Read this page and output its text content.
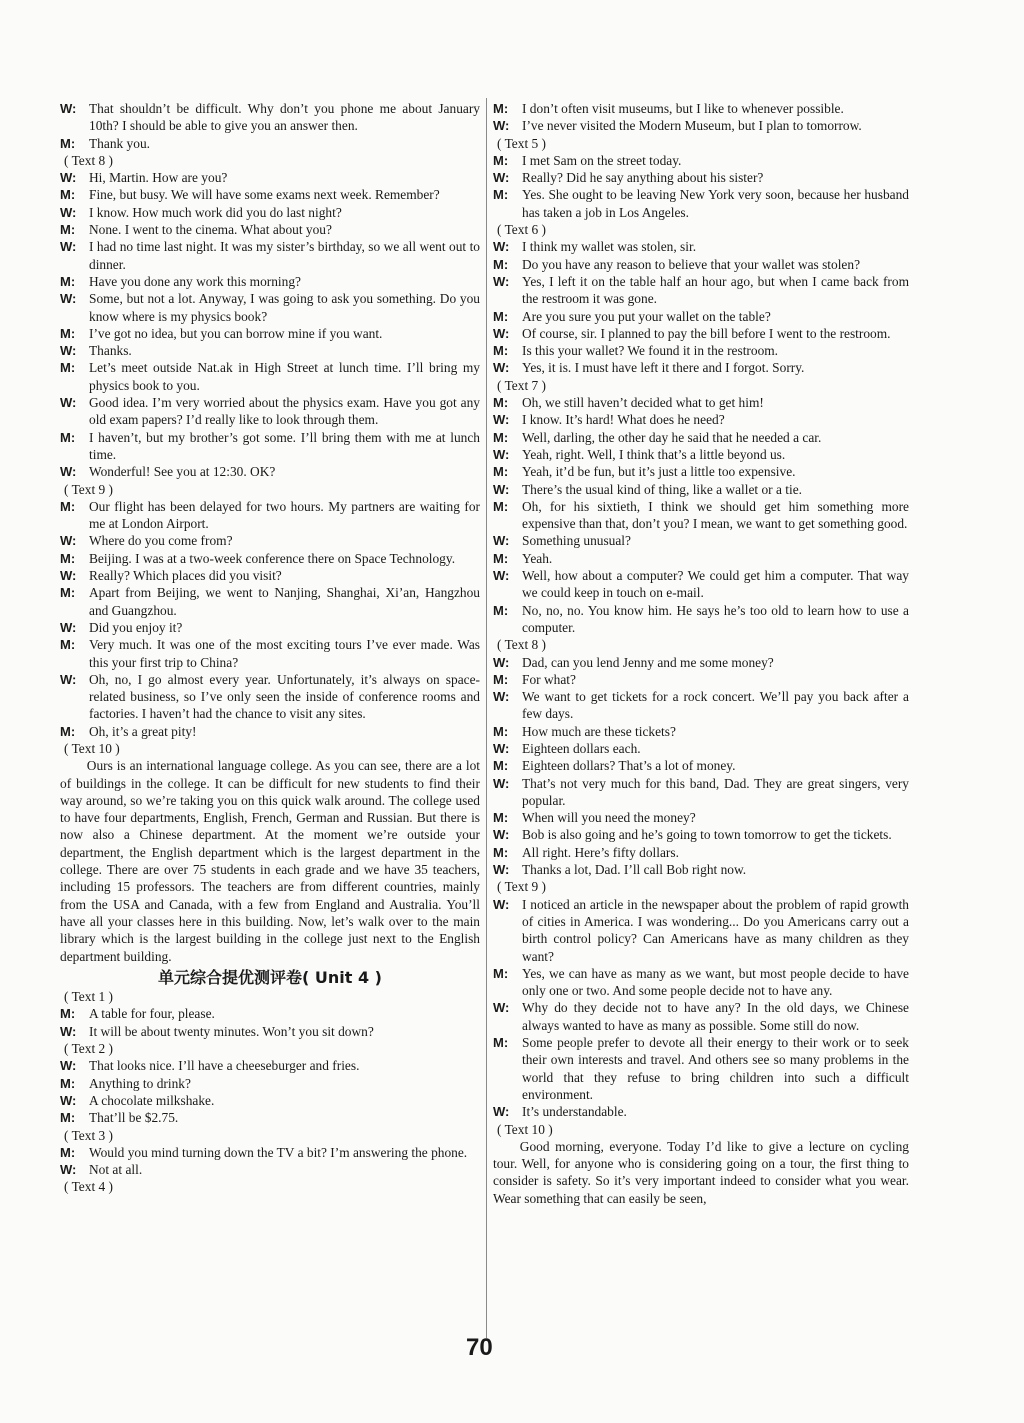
W: That shouldn’t be difficult. Why don’t you phone me about January 10th? I should be able to give you an answer then.
M: Thank you.
( Text 8 )
W: Hi, Martin. How are you?
M: Fine, but busy. We will have some exams next week. Remember?
W: I know. How much work did you do last night?
M: None. I went to the cinema. What about you?
W: I had no time last night. It was my sister’s birthday, so we all went out to dinner.
M: Have you done any work this morning?
W: Some, but not a lot. Anyway, I was going to ask you something. Do you know where is my physics book?
M: I’ve got no idea, but you can borrow mine if you want.
W: Thanks.
M: Let’s meet outside Nat.ak in High Street at lunch time. I’ll bring my physics book to you.
W: Good idea. I’m very worried about the physics exam. Have you got any old exam papers? I’d really like to look through them.
M: I haven’t, but my brother’s got some. I’ll bring them with me at lunch time.
W: Wonderful! See you at 12:30. OK?
( Text 9 )
M: Our flight has been delayed for two hours. My partners are waiting for me at London Airport.
W: Where do you come from?
M: Beijing. I was at a two-week conference there on Space Technology.
W: Really? Which places did you visit?
M: Apart from Beijing, we went to Nanjing, Shanghai, Xi’an, Hangzhou and Guangzhou.
W: Did you enjoy it?
M: Very much. It was one of the most exciting tours I’ve ever made. Was this your first trip to China?
W: Oh, no, I go almost every year. Unfortunately, it’s always on space-related business, so I’ve only seen the inside of conference rooms and factories. I haven’t had the chance to visit any sites.
M: Oh, it’s a great pity!
( Text 10 )
Ours is an international language college. As you can see, there are a lot of buildings in the college. It can be difficult for new students to find their way around, so we’re taking you on this quick walk around. The college used to have four departments, English, French, German and Russian. But there is now also a Chinese department. At the moment we’re outside your department, the English department which is the largest department in the college. There are over 75 students in each grade and we have 35 teachers, including 15 professors. The teachers are from different countries, mainly from the USA and Canada, with a few from England and Australia. You’ll have all your classes here in this building. Now, let’s walk over to the main library which is the largest building in the college just next to the English department building.
单元综合提优测评卷( Unit 4 )
( Text 1 )
M: A table for four, please.
W: It will be about twenty minutes. Won’t you sit down?
( Text 2 )
W: That looks nice. I’ll have a cheeseburger and fries.
M: Anything to drink?
W: A chocolate milkshake.
M: That’ll be $2.75.
( Text 3 )
M: Would you mind turning down the TV a bit? I’m answering the phone.
W: Not at all.
( Text 4 )
M: I don’t often visit museums, but I like to whenever possible.
W: I’ve never visited the Modern Museum, but I plan to tomorrow.
( Text 5 )
M: I met Sam on the street today.
W: Really? Did he say anything about his sister?
M: Yes. She ought to be leaving New York very soon, because her husband has taken a job in Los Angeles.
( Text 6 )
W: I think my wallet was stolen, sir.
M: Do you have any reason to believe that your wallet was stolen?
W: Yes, I left it on the table half an hour ago, but when I came back from the restroom it was gone.
M: Are you sure you put your wallet on the table?
W: Of course, sir. I planned to pay the bill before I went to the restroom.
M: Is this your wallet? We found it in the restroom.
W: Yes, it is. I must have left it there and I forgot. Sorry.
( Text 7 )
M: Oh, we still haven’t decided what to get him!
W: I know. It’s hard! What does he need?
M: Well, darling, the other day he said that he needed a car.
W: Yeah, right. Well, I think that’s a little beyond us.
M: Yeah, it’d be fun, but it’s just a little too expensive.
W: There’s the usual kind of thing, like a wallet or a tie.
M: Oh, for his sixtieth, I think we should get him something more expensive than that, don’t you? I mean, we want to get something good.
W: Something unusual?
M: Yeah.
W: Well, how about a computer? We could get him a computer. That way we could keep in touch on e-mail.
M: No, no, no. You know him. He says he’s too old to learn how to use a computer.
( Text 8 )
W: Dad, can you lend Jenny and me some money?
M: For what?
W: We want to get tickets for a rock concert. We’ll pay you back after a few days.
M: How much are these tickets?
W: Eighteen dollars each.
M: Eighteen dollars? That’s a lot of money.
W: That’s not very much for this band, Dad. They are great singers, very popular.
M: When will you need the money?
W: Bob is also going and he’s going to town tomorrow to get the tickets.
M: All right. Here’s fifty dollars.
W: Thanks a lot, Dad. I’ll call Bob right now.
( Text 9 )
W: I noticed an article in the newspaper about the problem of rapid growth of cities in America. I was wondering... Do you Americans carry out a birth control policy? Can Americans have as many children as they want?
M: Yes, we can have as many as we want, but most people decide to have only one or two. And some people decide not to have any.
W: Why do they decide not to have any? In the old days, we Chinese always wanted to have as many as possible. Some still do now.
M: Some people prefer to devote all their energy to their work or to seek their own interests and travel. And others see so many problems in the world that they refuse to bring children into such a difficult environment.
W: It’s understandable.
( Text 10 )
Good morning, everyone. Today I’d like to give a lecture on cycling tour. Well, for anyone who is considering going on a tour, the first thing to consider is safety. So it’s very important indeed to consider what you wear. Wear something that can easily be seen,
70
